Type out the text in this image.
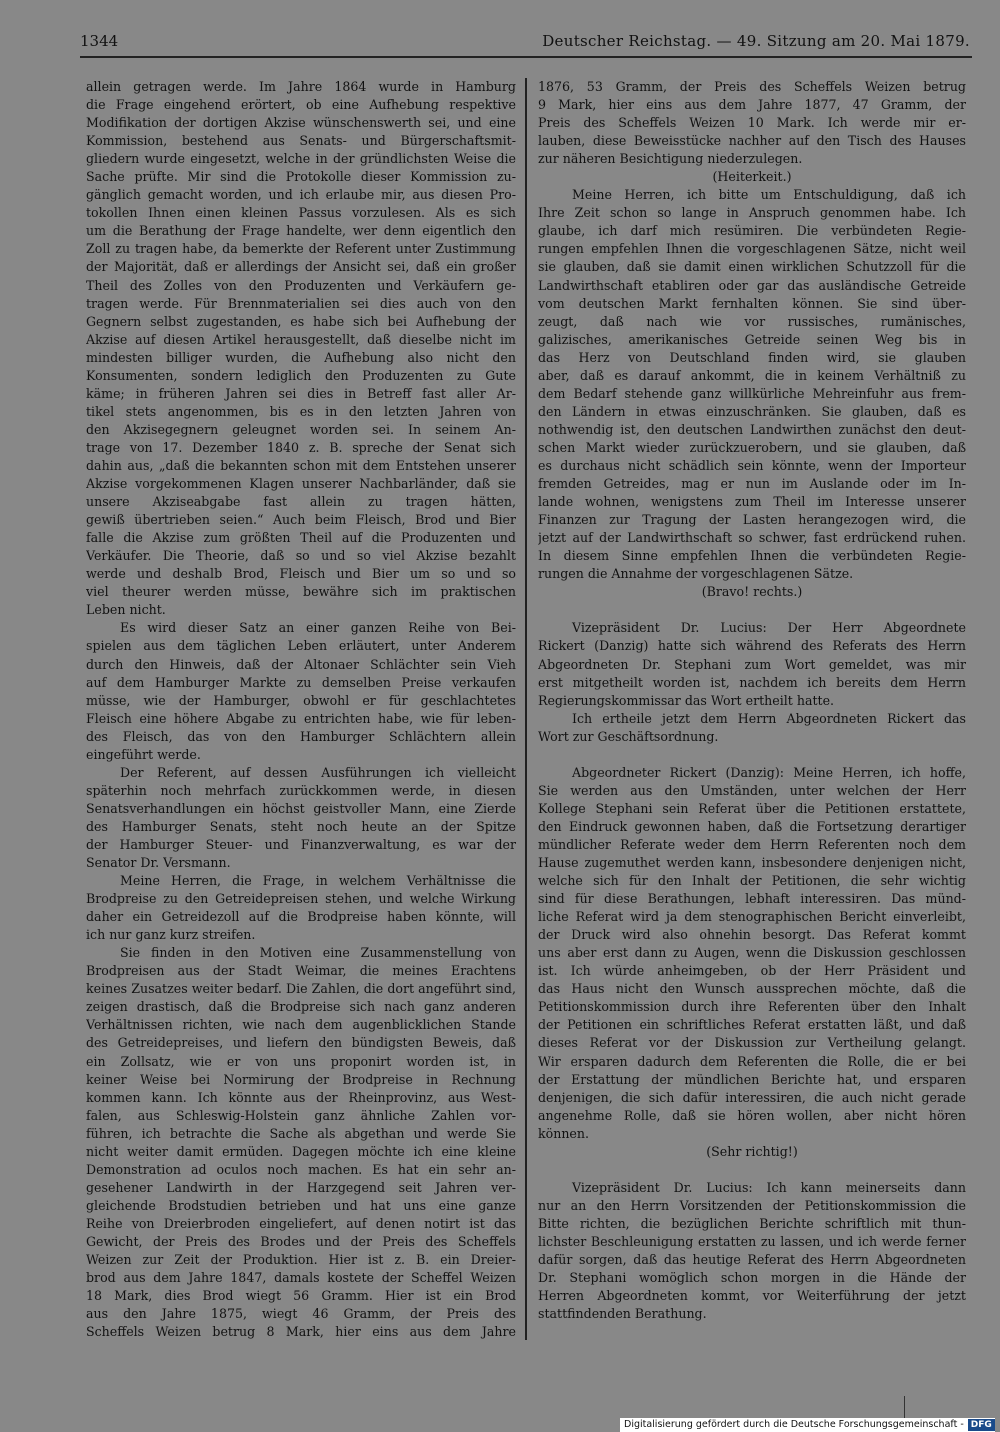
1344	Deutscher Reichstag. — 49. Sitzung am 20. Mai 1879.
allein getragen werde. Im Jahre 1864 wurde in Hamburg
die Frage eingehend erörtert, ob eine Aufhebung respektive
Modifikation der dortigen Akzise wünschenswerth sei, und eine
Kommission, bestehend aus Senats- und Bürgerschaftsmit-
gliedern wurde eingesetzt, welche in der gründlichsten Weise die
Sache prüfte. Mir sind die Protokolle dieser Kommission zu-
gänglich gemacht worden, und ich erlaube mir, aus diesen Pro-
tokollen Ihnen einen kleinen Passus vorzulesen. Als es sich
um die Berathung der Frage handelte, wer denn eigentlich den
Zoll zu tragen habe, da bemerkte der Referent unter Zustimmung
der Majorität, daß er allerdings der Ansicht sei, daß ein großer
Theil des Zolles von den Produzenten und Verkäufern ge-
tragen werde. Für Brennmaterialien sei dies auch von den
Gegnern selbst zugestanden, es habe sich bei Aufhebung der
Akzise auf diesen Artikel herausgestellt, daß dieselbe nicht im
mindesten billiger wurden, die Aufhebung also nicht den
Konsumenten, sondern lediglich den Produzenten zu Gute
käme; in früheren Jahren sei dies in Betreff fast aller Ar-
tikel stets angenommen, bis es in den letzten Jahren von
den Akzisegegnern geleugnet worden sei. In seinem An-
trage von 17. Dezember 1840 z. B. spreche der Senat sich
dahin aus, „daß die bekannten schon mit dem Entstehen unserer
Akzise vorgekommenen Klagen unserer Nachbarländer, daß sie
unsere Akziseabgabe fast allein zu tragen hätten,
gewiß übertrieben seien.“ Auch beim Fleisch, Brod und Bier
falle die Akzise zum größten Theil auf die Produzenten und
Verkäufer. Die Theorie, daß so und so viel Akzise bezahlt
werde und deshalb Brod, Fleisch und Bier um so und so
viel theurer werden müsse, bewähre sich im praktischen
Leben nicht.
Es wird dieser Satz an einer ganzen Reihe von Bei-
spielen aus dem täglichen Leben erläutert, unter Anderem
durch den Hinweis, daß der Altonaer Schlächter sein Vieh
auf dem Hamburger Markte zu demselben Preise verkaufen
müsse, wie der Hamburger, obwohl er für geschlachtetes
Fleisch eine höhere Abgabe zu entrichten habe, wie für leben-
des Fleisch, das von den Hamburger Schlächtern allein
eingeführt werde.
Der Referent, auf dessen Ausführungen ich vielleicht
späterhin noch mehrfach zurückkommen werde, in diesen
Senatsverhandlungen ein höchst geistvoller Mann, eine Zierde
des Hamburger Senats, steht noch heute an der Spitze
der Hamburger Steuer- und Finanzverwaltung, es war der
Senator Dr. Versmann.
Meine Herren, die Frage, in welchem Verhältnisse die
Brodpreise zu den Getreidepreisen stehen, und welche Wirkung
daher ein Getreidezoll auf die Brodpreise haben könnte, will
ich nur ganz kurz streifen.
Sie finden in den Motiven eine Zusammenstellung von
Brodpreisen aus der Stadt Weimar, die meines Erachtens
keines Zusatzes weiter bedarf. Die Zahlen, die dort angeführt sind,
zeigen drastisch, daß die Brodpreise sich nach ganz anderen
Verhältnissen richten, wie nach dem augenblicklichen Stande
des Getreidepreises, und liefern den bündigsten Beweis, daß
ein Zollsatz, wie er von uns proponirt worden ist, in
keiner Weise bei Normirung der Brodpreise in Rechnung
kommen kann. Ich könnte aus der Rheinprovinz, aus West-
falen, aus Schleswig-Holstein ganz ähnliche Zahlen vor-
führen, ich betrachte die Sache als abgethan und werde Sie
nicht weiter damit ermüden. Dagegen möchte ich eine kleine
Demonstration ad oculos noch machen. Es hat ein sehr an-
gesehener Landwirth in der Harzgegend seit Jahren ver-
gleichende Brodstudien betrieben und hat uns eine ganze
Reihe von Dreierbroden eingeliefert, auf denen notirt ist das
Gewicht, der Preis des Brodes und der Preis des Scheffels
Weizen zur Zeit der Produktion. Hier ist z. B. ein Dreier-
brod aus dem Jahre 1847, damals kostete der Scheffel Weizen
18 Mark, dies Brod wiegt 56 Gramm. Hier ist ein Brod
aus den Jahre 1875, wiegt 46 Gramm, der Preis des
Scheffels Weizen betrug 8 Mark, hier eins aus dem Jahre
1876, 53 Gramm, der Preis des Scheffels Weizen betrug
9 Mark, hier eins aus dem Jahre 1877, 47 Gramm, der
Preis des Scheffels Weizen 10 Mark. Ich werde mir er-
lauben, diese Beweisstücke nachher auf den Tisch des Hauses
zur näheren Besichtigung niederzulegen.
(Heiterkeit.)
Meine Herren, ich bitte um Entschuldigung, daß ich
Ihre Zeit schon so lange in Anspruch genommen habe. Ich
glaube, ich darf mich resümiren. Die verbündeten Regie-
rungen empfehlen Ihnen die vorgeschlagenen Sätze, nicht weil
sie glauben, daß sie damit einen wirklichen Schutzzoll für die
Landwirthschaft etabliren oder gar das ausländische Getreide
vom deutschen Markt fernhalten können. Sie sind über-
zeugt, daß nach wie vor russisches, rumänisches,
galizisches, amerikanisches Getreide seinen Weg bis in
das Herz von Deutschland finden wird, sie glauben
aber, daß es darauf ankommt, die in keinem Verhältniß zu
dem Bedarf stehende ganz willkürliche Mehreinfuhr aus frem-
den Ländern in etwas einzuschränken. Sie glauben, daß es
nothwendig ist, den deutschen Landwirthen zunächst den deut-
schen Markt wieder zurückzuerobern, und sie glauben, daß
es durchaus nicht schädlich sein könnte, wenn der Importeur
fremden Getreides, mag er nun im Auslande oder im In-
lande wohnen, wenigstens zum Theil im Interesse unserer
Finanzen zur Tragung der Lasten herangezogen wird, die
jetzt auf der Landwirthschaft so schwer, fast erdrückend ruhen.
In diesem Sinne empfehlen Ihnen die verbündeten Regie-
rungen die Annahme der vorgeschlagenen Sätze.
(Bravo! rechts.)
Vizepräsident Dr. Lucius: Der Herr Abgeordnete
Rickert (Danzig) hatte sich während des Referats des Herrn
Abgeordneten Dr. Stephani zum Wort gemeldet, was mir
erst mitgetheilt worden ist, nachdem ich bereits dem Herrn
Regierungskommissar das Wort ertheilt hatte.
Ich ertheile jetzt dem Herrn Abgeordneten Rickert das
Wort zur Geschäftsordnung.
Abgeordneter Rickert (Danzig): Meine Herren, ich hoffe,
Sie werden aus den Umständen, unter welchen der Herr
Kollege Stephani sein Referat über die Petitionen erstattete,
den Eindruck gewonnen haben, daß die Fortsetzung derartiger
mündlicher Referate weder dem Herrn Referenten noch dem
Hause zugemuthet werden kann, insbesondere denjenigen nicht,
welche sich für den Inhalt der Petitionen, die sehr wichtig
sind für diese Berathungen, lebhaft interessiren. Das münd-
liche Referat wird ja dem stenographischen Bericht einverleibt,
der Druck wird also ohnehin besorgt. Das Referat kommt
uns aber erst dann zu Augen, wenn die Diskussion geschlossen
ist. Ich würde anheimgeben, ob der Herr Präsident und
das Haus nicht den Wunsch aussprechen möchte, daß die
Petitionskommission durch ihre Referenten über den Inhalt
der Petitionen ein schriftliches Referat erstatten läßt, und daß
dieses Referat vor der Diskussion zur Vertheilung gelangt.
Wir ersparen dadurch dem Referenten die Rolle, die er bei
der Erstattung der mündlichen Berichte hat, und ersparen
denjenigen, die sich dafür interessiren, die auch nicht gerade
angenehme Rolle, daß sie hören wollen, aber nicht hören
können.
(Sehr richtig!)
Vizepräsident Dr. Lucius: Ich kann meinerseits dann
nur an den Herrn Vorsitzenden der Petitionskommission die
Bitte richten, die bezüglichen Berichte schriftlich mit thun-
lichster Beschleunigung erstatten zu lassen, und ich werde ferner
dafür sorgen, daß das heutige Referat des Herrn Abgeordneten
Dr. Stephani womöglich schon morgen in die Hände der
Herren Abgeordneten kommt, vor Weiterführung der jetzt
stattfindenden Berathung.
Digitalisierung gefördert durch die Deutsche Forschungsgemeinschaft - DFG
